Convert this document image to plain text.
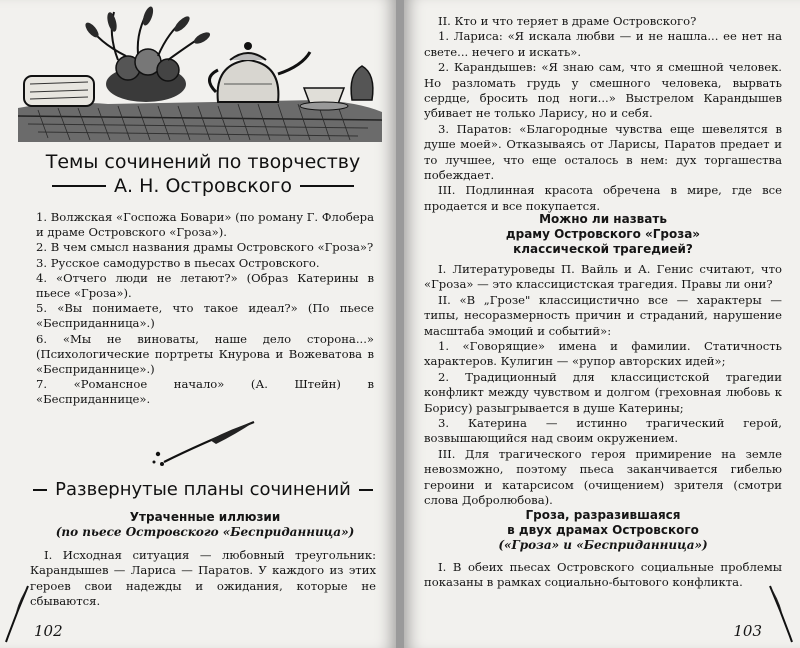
Темы сочинений по творчеству
А. Н. Островского

1. Волжская «Госпожа Бовари» (по роману Г. Флобера и драме Островского «Гроза»).

2. В чем смысл названия драмы Островского «Гроза»?

3. Русское самодурство в пьесах Островского.

4. «Отчего люди не летают?» (Образ Катерины в пьесе «Гроза»).

5. «Вы понимаете, что такое идеал?» (По пьесе «Бесприданница».)

6. «Мы не виноваты, наше дело сторона...» (Психологические портреты Кнурова и Вожеватова в «Бесприданнице».)

7. «Романсное начало» (А. Штейн) в «Бесприданнице».

Развернутые планы сочинений
Утраченные иллюзии
(по пьесе Островского «Бесприданница»)

I. Исходная ситуация — любовный треугольник: Карандышев — Лариса — Паратов. У каждого из этих героев свои надежды и ожидания, которые не сбываются.

102

II. Кто и что теряет в драме Островского?

1. Лариса: «Я искала любви — и не нашла... ее нет на свете... нечего и искать».

2. Карандышев: «Я знаю сам, что я смешной человек. Но разломать грудь у смешного человека, вырвать сердце, бросить под ноги...» Выстрелом Карандышев убивает не только Ларису, но и себя.

3. Паратов: «Благородные чувства еще шевелятся в душе моей». Отказываясь от Ларисы, Паратов предает и то лучшее, что еще осталось в нем: дух торгашества побеждает.

III. Подлинная красота обречена в мире, где все продается и все покупается.

Можно ли назвать
драму Островского «Гроза»
классической трагедией?

I. Литературоведы П. Вайль и А. Генис считают, что «Гроза» — это классицистская трагедия. Правы ли они?

II. «В „Грозе" классицистично все — характеры — типы, несоразмерность причин и страданий, нарушение масштаба эмоций и событий»:

1. «Говорящие» имена и фамилии. Статичность характеров. Кулигин — «рупор авторских идей»;

2. Традиционный для классицистской трагедии конфликт между чувством и долгом (греховная любовь к Борису) разыгрывается в душе Катерины;

3. Катерина — истинно трагический герой, возвышающийся над своим окружением.

III. Для трагического героя примирение на земле невозможно, поэтому пьеса заканчивается гибелью героини и катарсисом (очищением) зрителя (смотри слова Добролюбова).

Гроза, разразившаяся
в двух драмах Островского
(«Гроза» и «Бесприданница»)

I. В обеих пьесах Островского социальные проблемы показаны в рамках социально-бытового конфликта.

103
